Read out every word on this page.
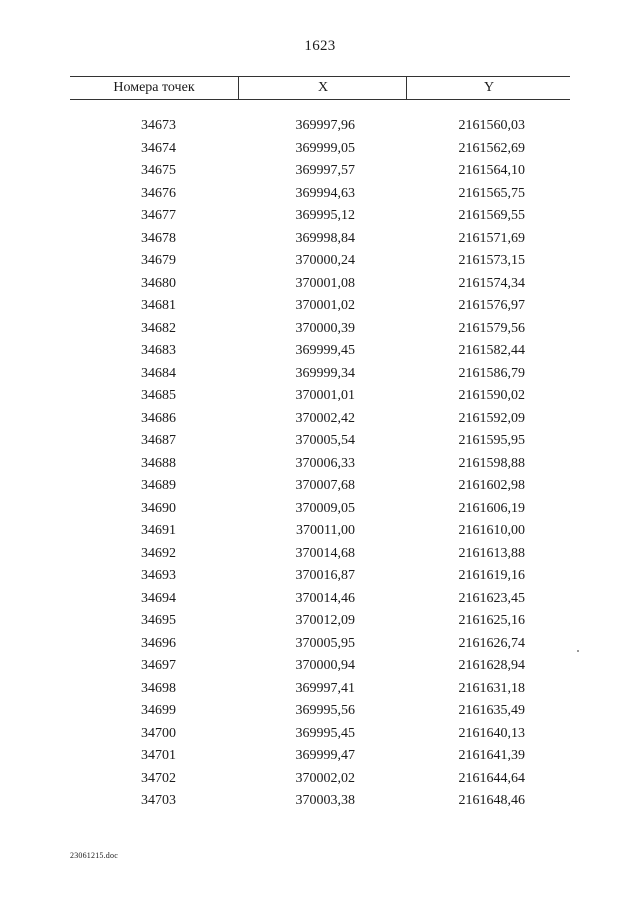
1623
Номера точек	X	Y
34673	369997,96	2161560,03
34674	369999,05	2161562,69
34675	369997,57	2161564,10
34676	369994,63	2161565,75
34677	369995,12	2161569,55
34678	369998,84	2161571,69
34679	370000,24	2161573,15
34680	370001,08	2161574,34
34681	370001,02	2161576,97
34682	370000,39	2161579,56
34683	369999,45	2161582,44
34684	369999,34	2161586,79
34685	370001,01	2161590,02
34686	370002,42	2161592,09
34687	370005,54	2161595,95
34688	370006,33	2161598,88
34689	370007,68	2161602,98
34690	370009,05	2161606,19
34691	370011,00	2161610,00
34692	370014,68	2161613,88
34693	370016,87	2161619,16
34694	370014,46	2161623,45
34695	370012,09	2161625,16
34696	370005,95	2161626,74
34697	370000,94	2161628,94
34698	369997,41	2161631,18
34699	369995,56	2161635,49
34700	369995,45	2161640,13
34701	369999,47	2161641,39
34702	370002,02	2161644,64
34703	370003,38	2161648,46
23061215.doc
